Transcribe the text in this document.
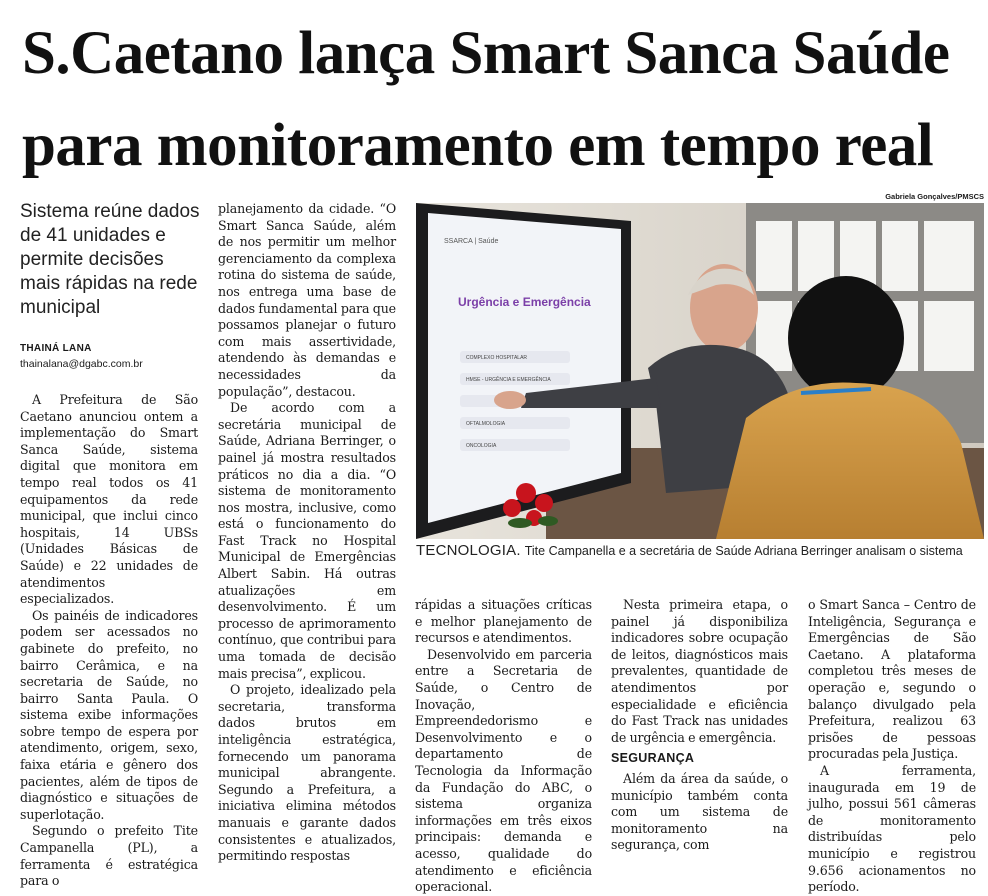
S.Caetano lança Smart Sanca Saúde
para monitoramento em tempo real
Sistema reúne dados de 41 unidades e permite decisões mais rápidas na rede municipal
THAINÁ LANA
thainalana@dgabc.com.br

A Prefeitura de São Caetano anunciou ontem a implementação do Smart Sanca Saúde, sistema digital que monitora em tempo real todos os 41 equipamentos da rede municipal, que inclui cinco hospitais, 14 UBSs (Unidades Básicas de Saúde) e 22 unidades de atendimentos especializados.

Os painéis de indicadores podem ser acessados no gabinete do prefeito, no bairro Cerâmica, e na secretaria de Saúde, no bairro Santa Paula. O sistema exibe informações sobre tempo de espera por atendimento, origem, sexo, faixa etária e gênero dos pacientes, além de tipos de diagnóstico e situações de superlotação.

Segundo o prefeito Tite Campanella (PL), a ferramenta é estratégica para o

planejamento da cidade. “O Smart Sanca Saúde, além de nos permitir um melhor gerenciamento da complexa rotina do sistema de saúde, nos entrega uma base de dados fundamental para que possamos planejar o futuro com mais assertividade, atendendo às demandas e necessidades da população”, destacou.

De acordo com a secretária municipal de Saúde, Adriana Berringer, o painel já mostra resultados práticos no dia a dia. “O sistema de monitoramento nos mostra, inclusive, como está o funcionamento do Fast Track no Hospital Municipal de Emergências Albert Sabin. Há outras atualizações em desenvolvimento. É um processo de aprimoramento contínuo, que contribui para uma tomada de decisão mais precisa”, explicou.

O projeto, idealizado pela secretaria, transforma dados brutos em inteligência estratégica, fornecendo um panorama municipal abrangente. Segundo a Prefeitura, a iniciativa elimina métodos manuais e garante dados consistentes e atualizados, permitindo respostas

Gabriela Gonçalves/PMSCS
SSARCA | Saúde
Urgência e Emergência
COMPLEXO HOSPITALAR
HMSE - URGÊNCIA E EMERGÊNCIA
OFTALMOLOGIA
ONCOLOGIA
TECNOLOGIA. Tite Campanella e a secretária de Saúde Adriana Berringer analisam o sistema

rápidas a situações críticas e melhor planejamento de recursos e atendimentos.

Desenvolvido em parceria entre a Secretaria de Saúde, o Centro de Inovação, Empreendedorismo e Desenvolvimento e o departamento de Tecnologia da Informação da Fundação do ABC, o sistema organiza informações em três eixos principais: demanda e acesso, qualidade do atendimento e eficiência operacional.

Nesta primeira etapa, o painel já disponibiliza indicadores sobre ocupação de leitos, diagnósticos mais prevalentes, quantidade de atendimentos por especialidade e eficiência do Fast Track nas unidades de urgência e emergência.

SEGURANÇA

Além da área da saúde, o município também conta com um sistema de monitoramento na segurança, com

o Smart Sanca – Centro de Inteligência, Segurança e Emergências de São Caetano. A plataforma completou três meses de operação e, segundo o balanço divulgado pela Prefeitura, realizou 63 prisões de pessoas procuradas pela Justiça.

A ferramenta, inaugurada em 19 de julho, possui 561 câmeras de monitoramento distribuídas pelo município e registrou 9.656 acionamentos no período.
